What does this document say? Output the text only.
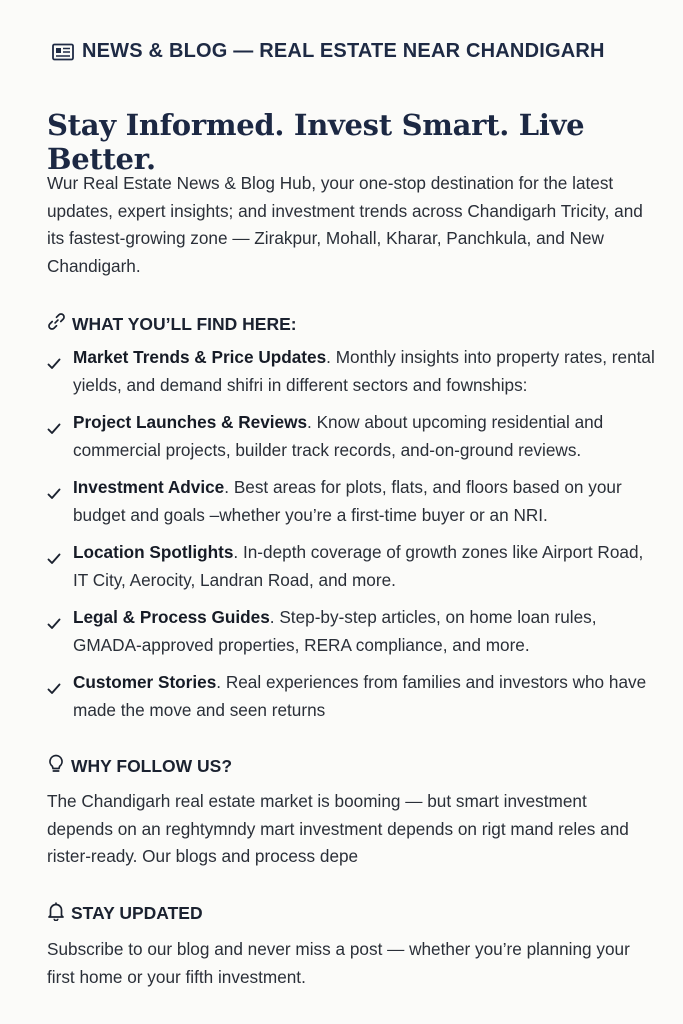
NEWS & BLOG — REAL ESTATE NEAR CHANDIGARH
Stay Informed. Invest Smart. Live Better.

Wur Real Estate News & Blog Hub, your one-stop destination for the latest updates, expert insights; and investment trends across Chandigarh Tricity, and its fastest-growing zone — Zirakpur, Mohall, Kharar, Panchkula, and New Chandigarh.

WHAT YOU’LL FIND HERE:
Market Trends & Price Updates. Monthly insights into property rates, rental yields, and demand shifri in different sectors and fownships:
Project Launches & Reviews. Know about upcoming residential and commercial projects, builder track records, and-on-ground reviews.
Investment Advice. Best areas for plots, flats, and floors based on your budget and goals –whether you’re a first-time buyer or an NRI.
Location Spotlights. In-depth coverage of growth zones like Airport Road, IT City, Aerocity, Landran Road, and more.
Legal & Process Guides. Step-by-step articles, on home loan rules, GMADA-approved properties, RERA compliance, and more.
Customer Stories. Real experiences from families and investors who have made the move and seen returns
WHY FOLLOW US?

The Chandigarh real estate market is booming — but smart investment depends on an reghtymndy mart investment depends on rigt mand reles and rister-ready. Our blogs and process depe

STAY UPDATED

Subscribe to our blog and never miss a post — whether you’re planning your first home or your fifth investment.
